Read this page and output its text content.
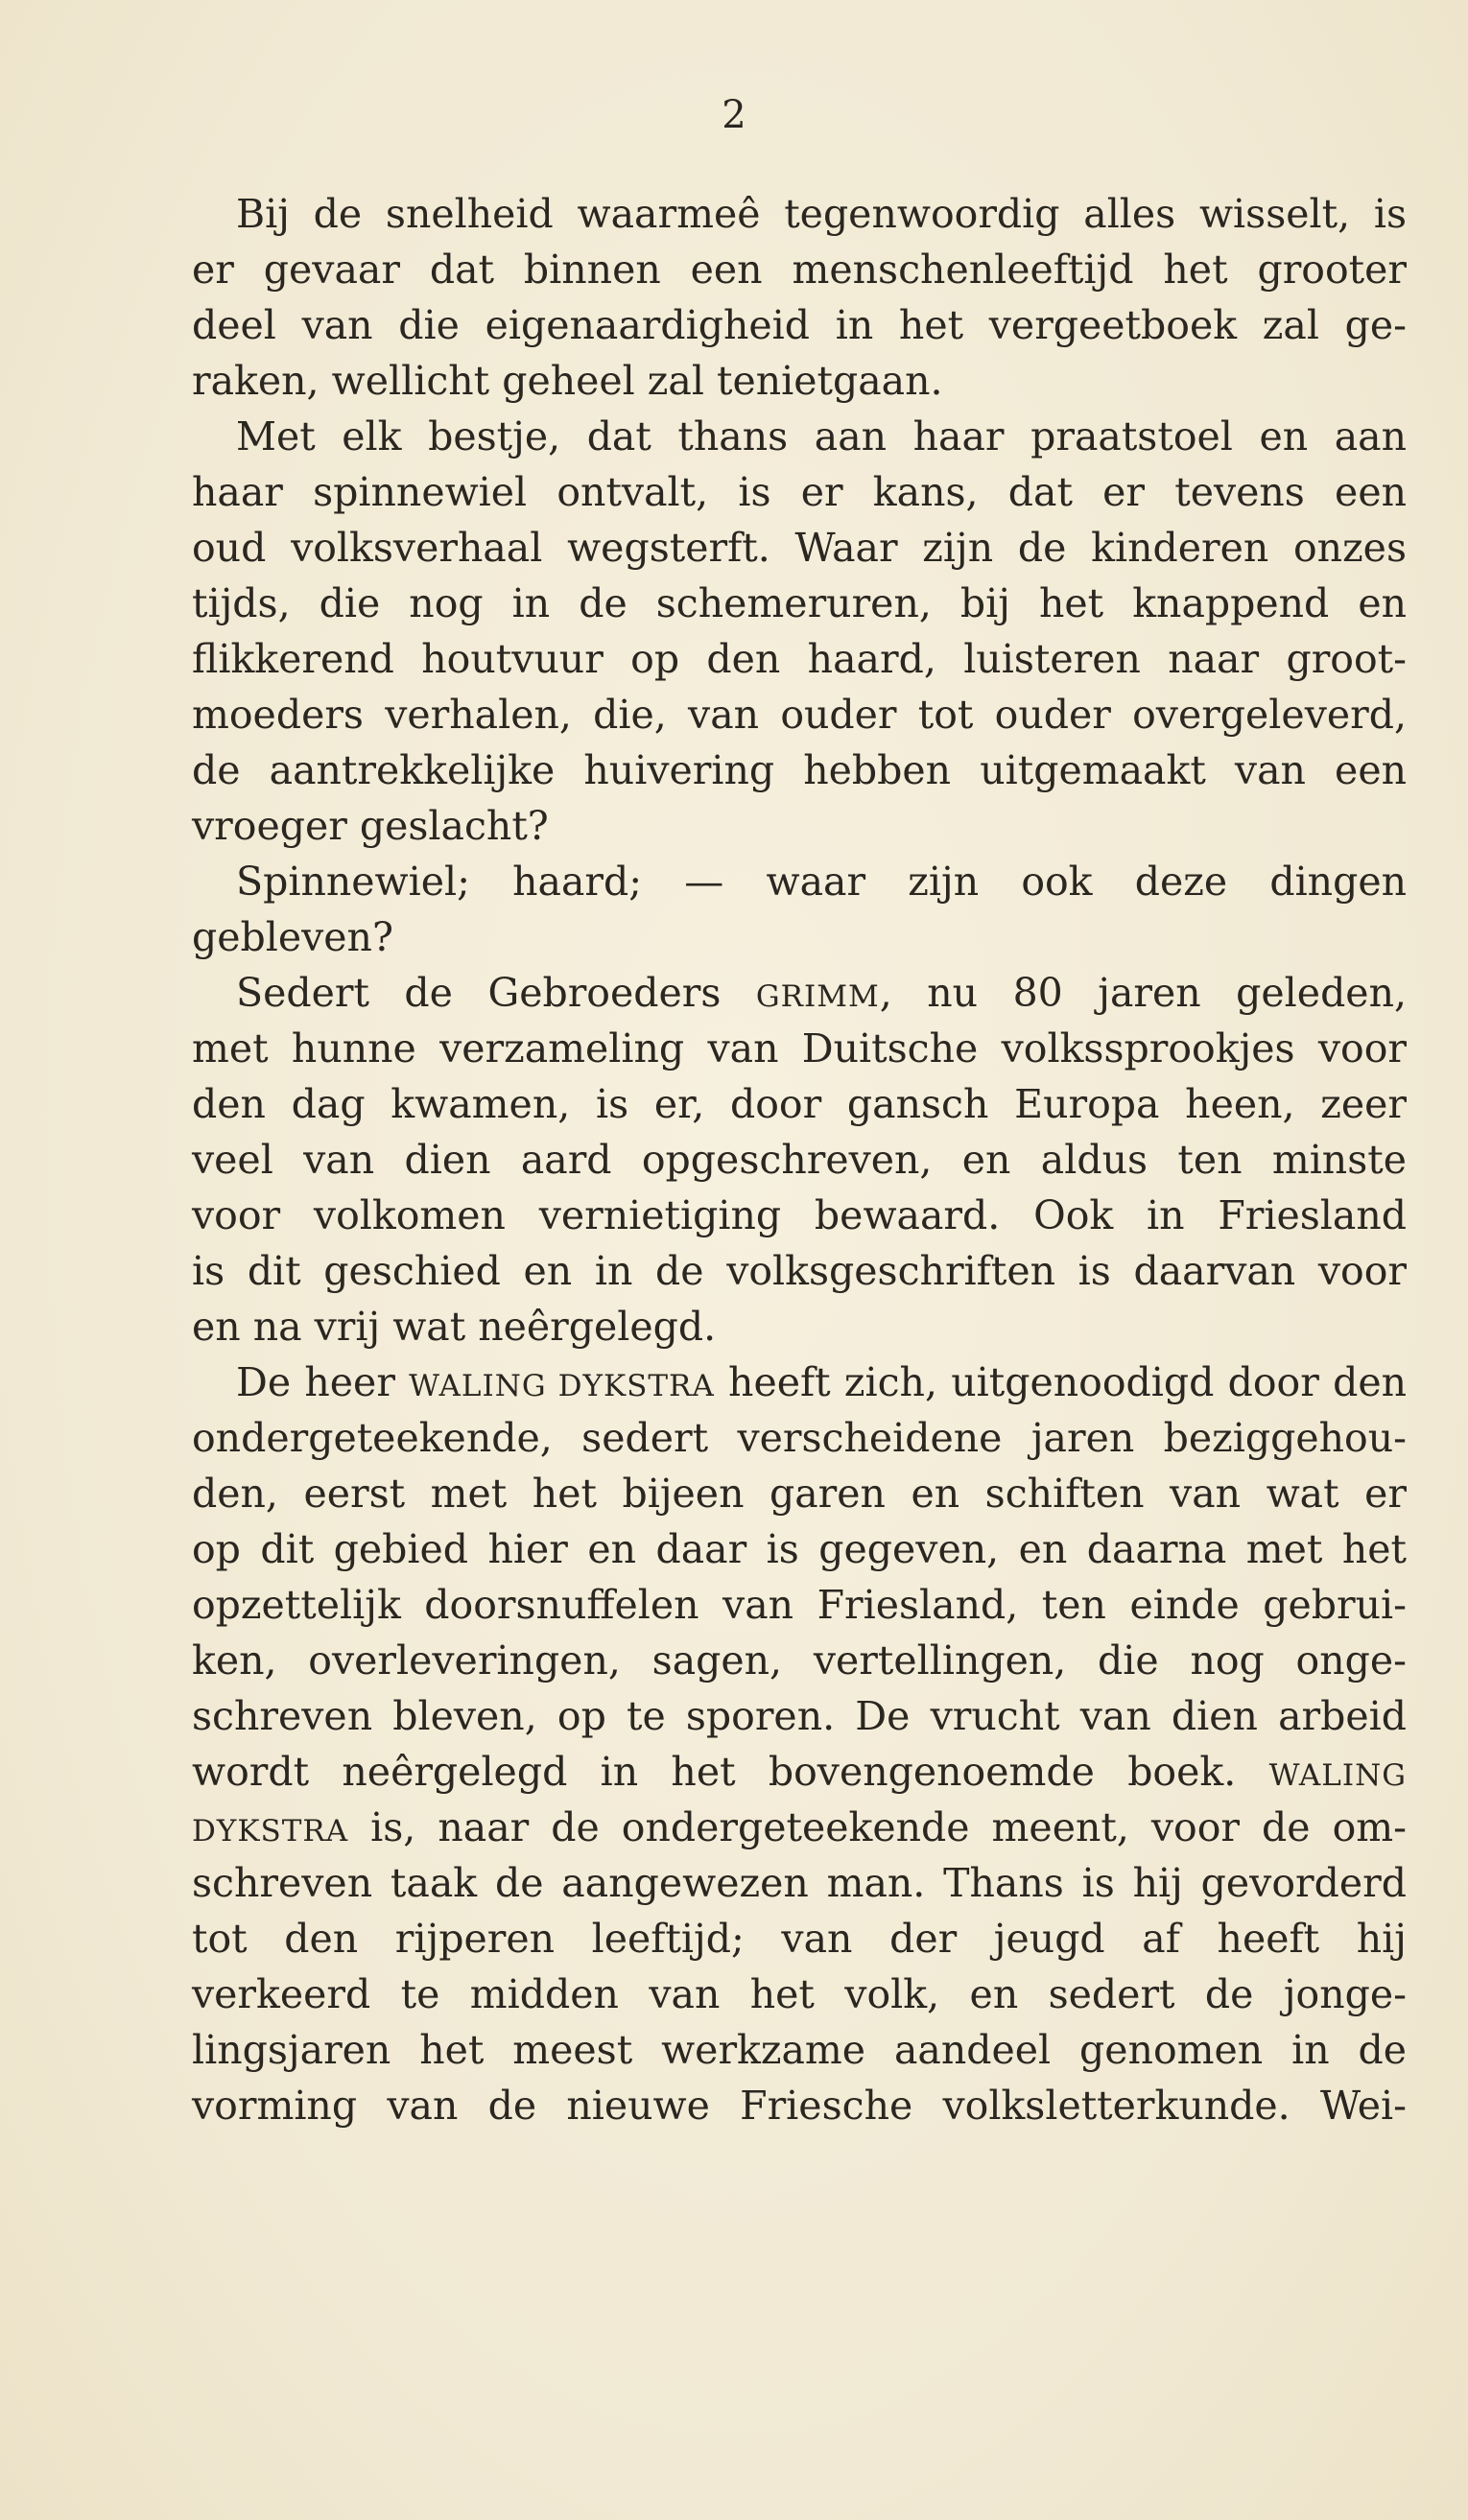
2
Bij de snelheid waarmeê tegenwoordig alles wisselt, is
er gevaar dat binnen een menschenleeftijd het grooter
deel van die eigenaardigheid in het vergeetboek zal ge-
raken, wellicht geheel zal tenietgaan.
Met elk bestje, dat thans aan haar praatstoel en aan
haar spinnewiel ontvalt, is er kans, dat er tevens een
oud volksverhaal wegsterft. Waar zijn de kinderen onzes
tijds, die nog in de schemeruren, bij het knappend en
flikkerend houtvuur op den haard, luisteren naar groot-
moeders verhalen, die, van ouder tot ouder overgeleverd,
de aantrekkelijke huivering hebben uitgemaakt van een
vroeger geslacht?
Spinnewiel; haard; — waar zijn ook deze dingen
gebleven?
Sedert de Gebroeders GRIMM, nu 80 jaren geleden,
met hunne verzameling van Duitsche volkssprookjes voor
den dag kwamen, is er, door gansch Europa heen, zeer
veel van dien aard opgeschreven, en aldus ten minste
voor volkomen vernietiging bewaard. Ook in Friesland
is dit geschied en in de volksgeschriften is daarvan voor
en na vrij wat neêrgelegd.
De heer WALING DYKSTRA heeft zich, uitgenoodigd door den
ondergeteekende, sedert verscheidene jaren beziggehou-
den, eerst met het bijeen garen en schiften van wat er
op dit gebied hier en daar is gegeven, en daarna met het
opzettelijk doorsnuffelen van Friesland, ten einde gebrui-
ken, overleveringen, sagen, vertellingen, die nog onge-
schreven bleven, op te sporen. De vrucht van dien arbeid
wordt neêrgelegd in het bovengenoemde boek. WALING
DYKSTRA is, naar de ondergeteekende meent, voor de om-
schreven taak de aangewezen man. Thans is hij gevorderd
tot den rijperen leeftijd; van der jeugd af heeft hij
verkeerd te midden van het volk, en sedert de jonge-
lingsjaren het meest werkzame aandeel genomen in de
vorming van de nieuwe Friesche volksletterkunde. Wei-
